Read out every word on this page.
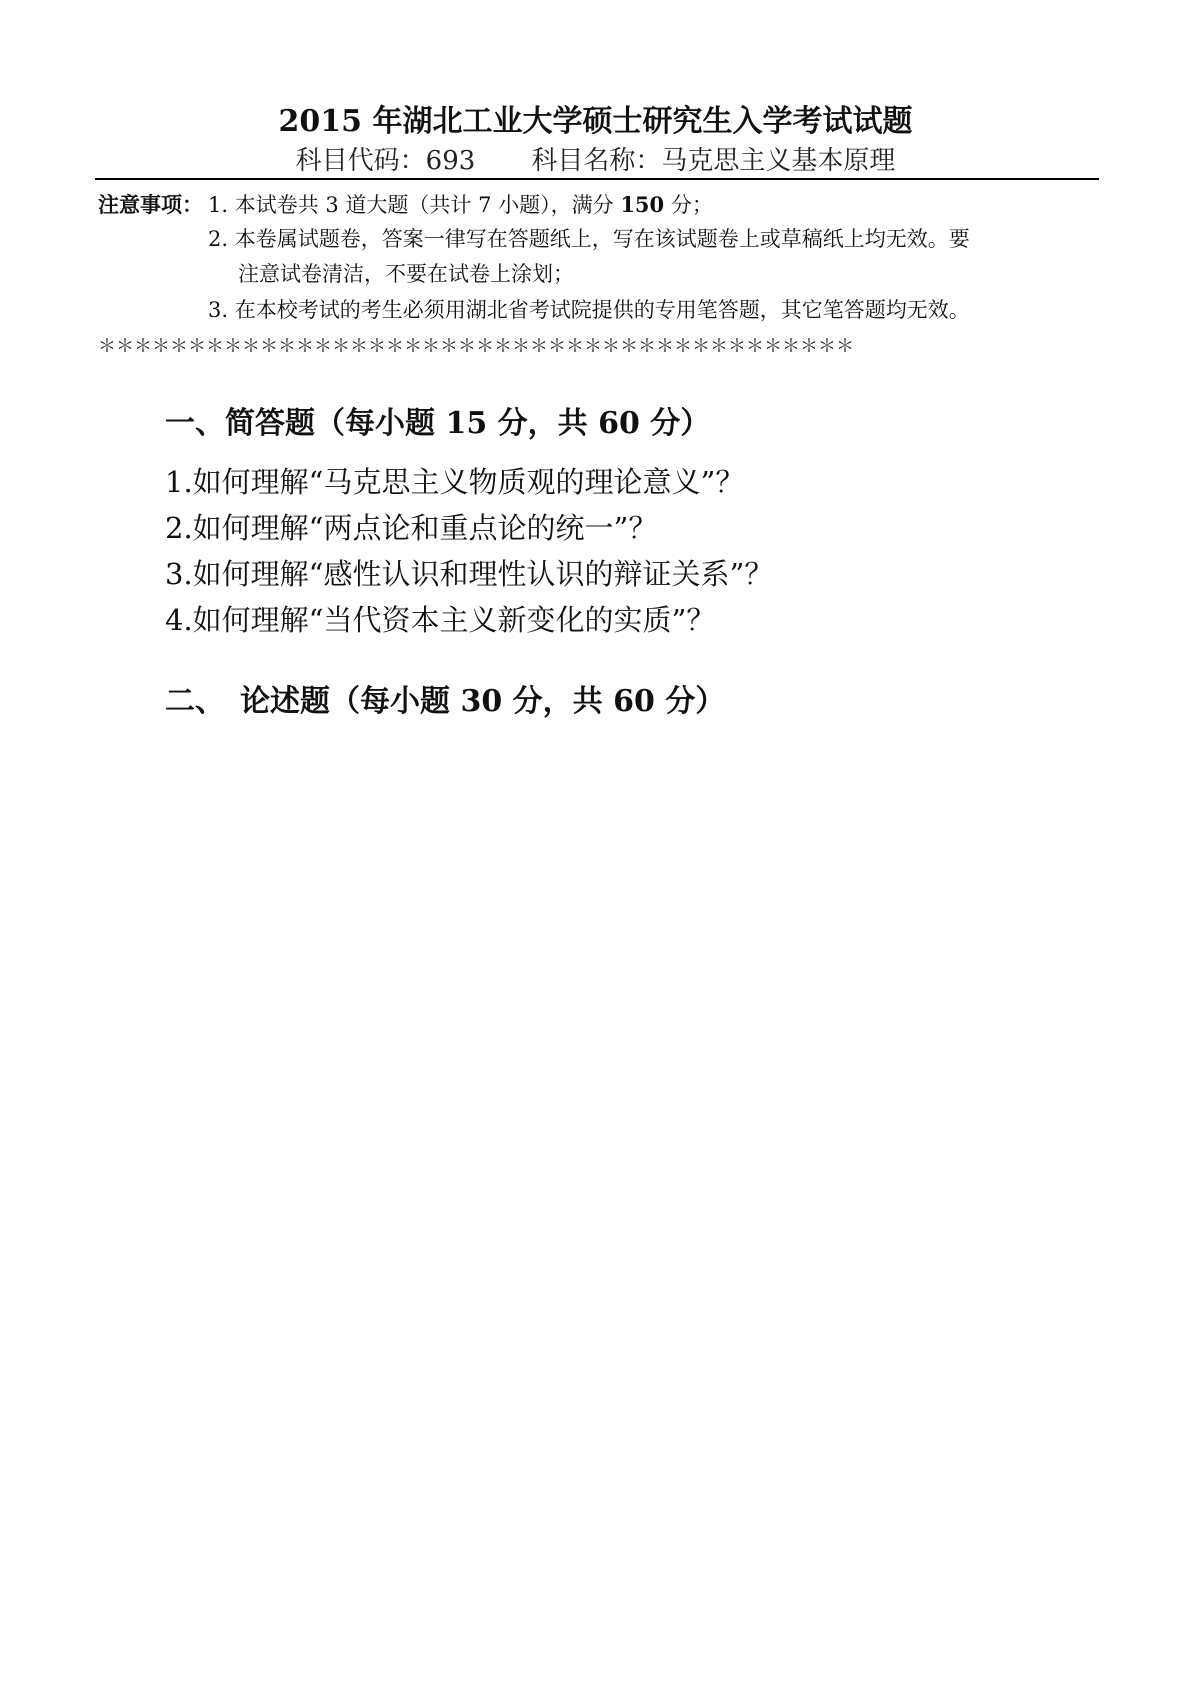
2015 年湖北工业大学硕士研究生入学考试试题
科目代码：693 科目名称：马克思主义基本原理
注意事项： 1. 本试卷共 3 道大题（共计 7 小题），满分 150 分；
2. 本卷属试题卷，答案一律写在答题纸上，写在该试题卷上或草稿纸上均无效。要
注意试卷清洁，不要在试卷上涂划；
3. 在本校考试的考生必须用湖北省考试院提供的专用笔答题，其它笔答题均无效。
＊＊＊＊＊＊＊＊＊＊＊＊＊＊＊＊＊＊＊＊＊＊＊＊＊＊＊＊＊＊＊＊＊＊＊＊＊＊＊＊＊＊
一、简答题（每小题 15 分，共 60 分）
1.如何理解“马克思主义物质观的理论意义”？
2.如何理解“两点论和重点论的统一”？
3.如何理解“感性认识和理性认识的辩证关系”？
4.如何理解“当代资本主义新变化的实质”？
二、　论述题（每小题 30 分，共 60 分）
